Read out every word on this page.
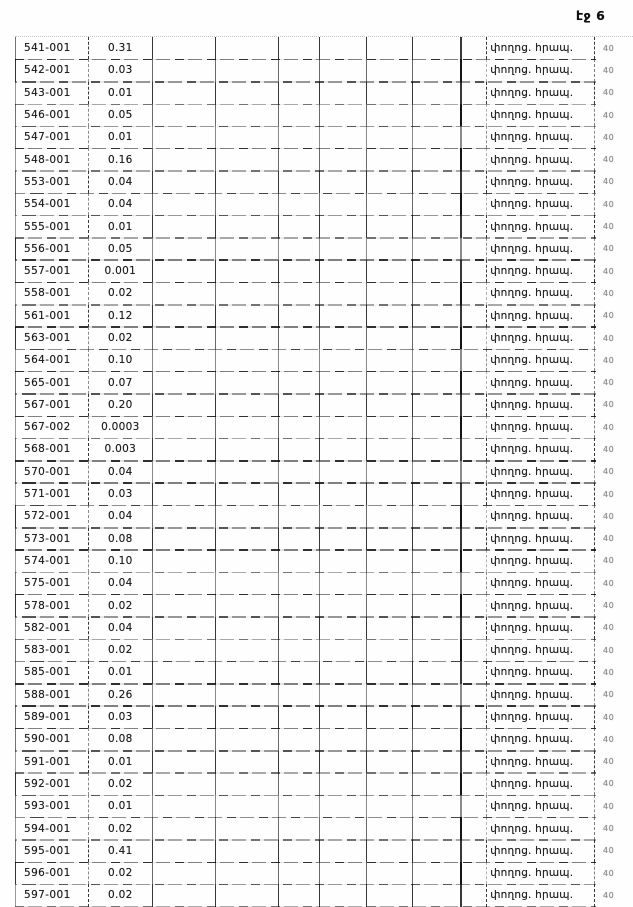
էջ 6
541-001	0.31	փողոց. հրապ.	40
542-001	0.03	փողոց. հրապ.	40
543-001	0.01	փողոց. հրապ.	40
546-001	0.05	փողոց. հրապ.	40
547-001	0.01	փողոց. հրապ.	40
548-001	0.16	փողոց. հրապ.	40
553-001	0.04	փողոց. հրապ.	40
554-001	0.04	փողոց. հրապ.	40
555-001	0.01	փողոց. հրապ.	40
556-001	0.05	փողոց. հրապ.	40
557-001	0.001	փողոց. հրապ.	40
558-001	0.02	փողոց. հրապ.	40
561-001	0.12	փողոց. հրապ.	40
563-001	0.02	փողոց. հրապ.	40
564-001	0.10	փողոց. հրապ.	40
565-001	0.07	փողոց. հրապ.	40
567-001	0.20	փողոց. հրապ.	40
567-002	0.0003	փողոց. հրապ.	40
568-001	0.003	փողոց. հրապ.	40
570-001	0.04	փողոց. հրապ.	40
571-001	0.03	փողոց. հրապ.	40
572-001	0.04	փողոց. հրապ.	40
573-001	0.08	փողոց. հրապ.	40
574-001	0.10	փողոց. հրապ.	40
575-001	0.04	փողոց. հրապ.	40
578-001	0.02	փողոց. հրապ.	40
582-001	0.04	փողոց. հրապ.	40
583-001	0.02	փողոց. հրապ.	40
585-001	0.01	փողոց. հրապ.	40
588-001	0.26	փողոց. հրապ.	40
589-001	0.03	փողոց. հրապ.	40
590-001	0.08	փողոց. հրապ.	40
591-001	0.01	փողոց. հրապ.	40
592-001	0.02	փողոց. հրապ.	40
593-001	0.01	փողոց. հրապ.	40
594-001	0.02	փողոց. հրապ.	40
595-001	0.41	փողոց. հրապ.	40
596-001	0.02	փողոց. հրապ.	40
597-001	0.02	փողոց. հրապ.	40
